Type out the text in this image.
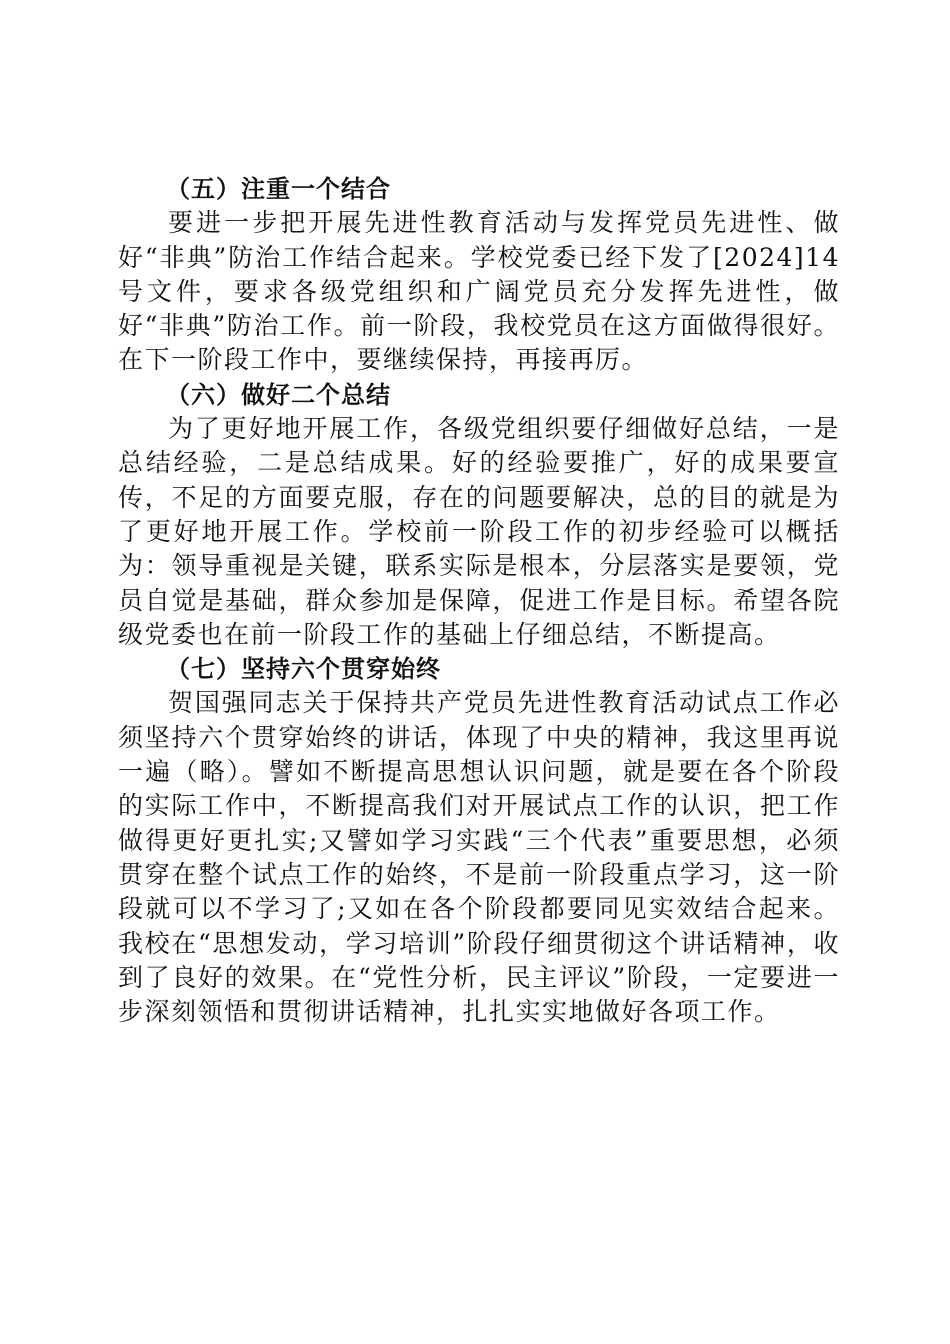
（五）注重一个结合

要进一步把开展先进性教育活动与发挥党员先进性、做好“非典”防治工作结合起来。学校党委已经下发了[2024]14号文件，要求各级党组织和广阔党员充分发挥先进性，做好“非典”防治工作。前一阶段，我校党员在这方面做得很好。在下一阶段工作中，要继续保持，再接再厉。

（六）做好二个总结

为了更好地开展工作，各级党组织要仔细做好总结，一是总结经验，二是总结成果。好的经验要推广，好的成果要宣传，不足的方面要克服，存在的问题要解决，总的目的就是为了更好地开展工作。学校前一阶段工作的初步经验可以概括为：领导重视是关键，联系实际是根本，分层落实是要领，党员自觉是基础，群众参加是保障，促进工作是目标。希望各院级党委也在前一阶段工作的基础上仔细总结，不断提高。

（七）坚持六个贯穿始终

贺国强同志关于保持共产党员先进性教育活动试点工作必须坚持六个贯穿始终的讲话，体现了中央的精神，我这里再说一遍（略）。譬如不断提高思想认识问题，就是要在各个阶段的实际工作中，不断提高我们对开展试点工作的认识，把工作做得更好更扎实;又譬如学习实践“三个代表”重要思想，必须贯穿在整个试点工作的始终，不是前一阶段重点学习，这一阶段就可以不学习了;又如在各个阶段都要同见实效结合起来。我校在“思想发动，学习培训”阶段仔细贯彻这个讲话精神，收到了良好的效果。在“党性分析，民主评议”阶段，一定要进一步深刻领悟和贯彻讲话精神，扎扎实实地做好各项工作。
